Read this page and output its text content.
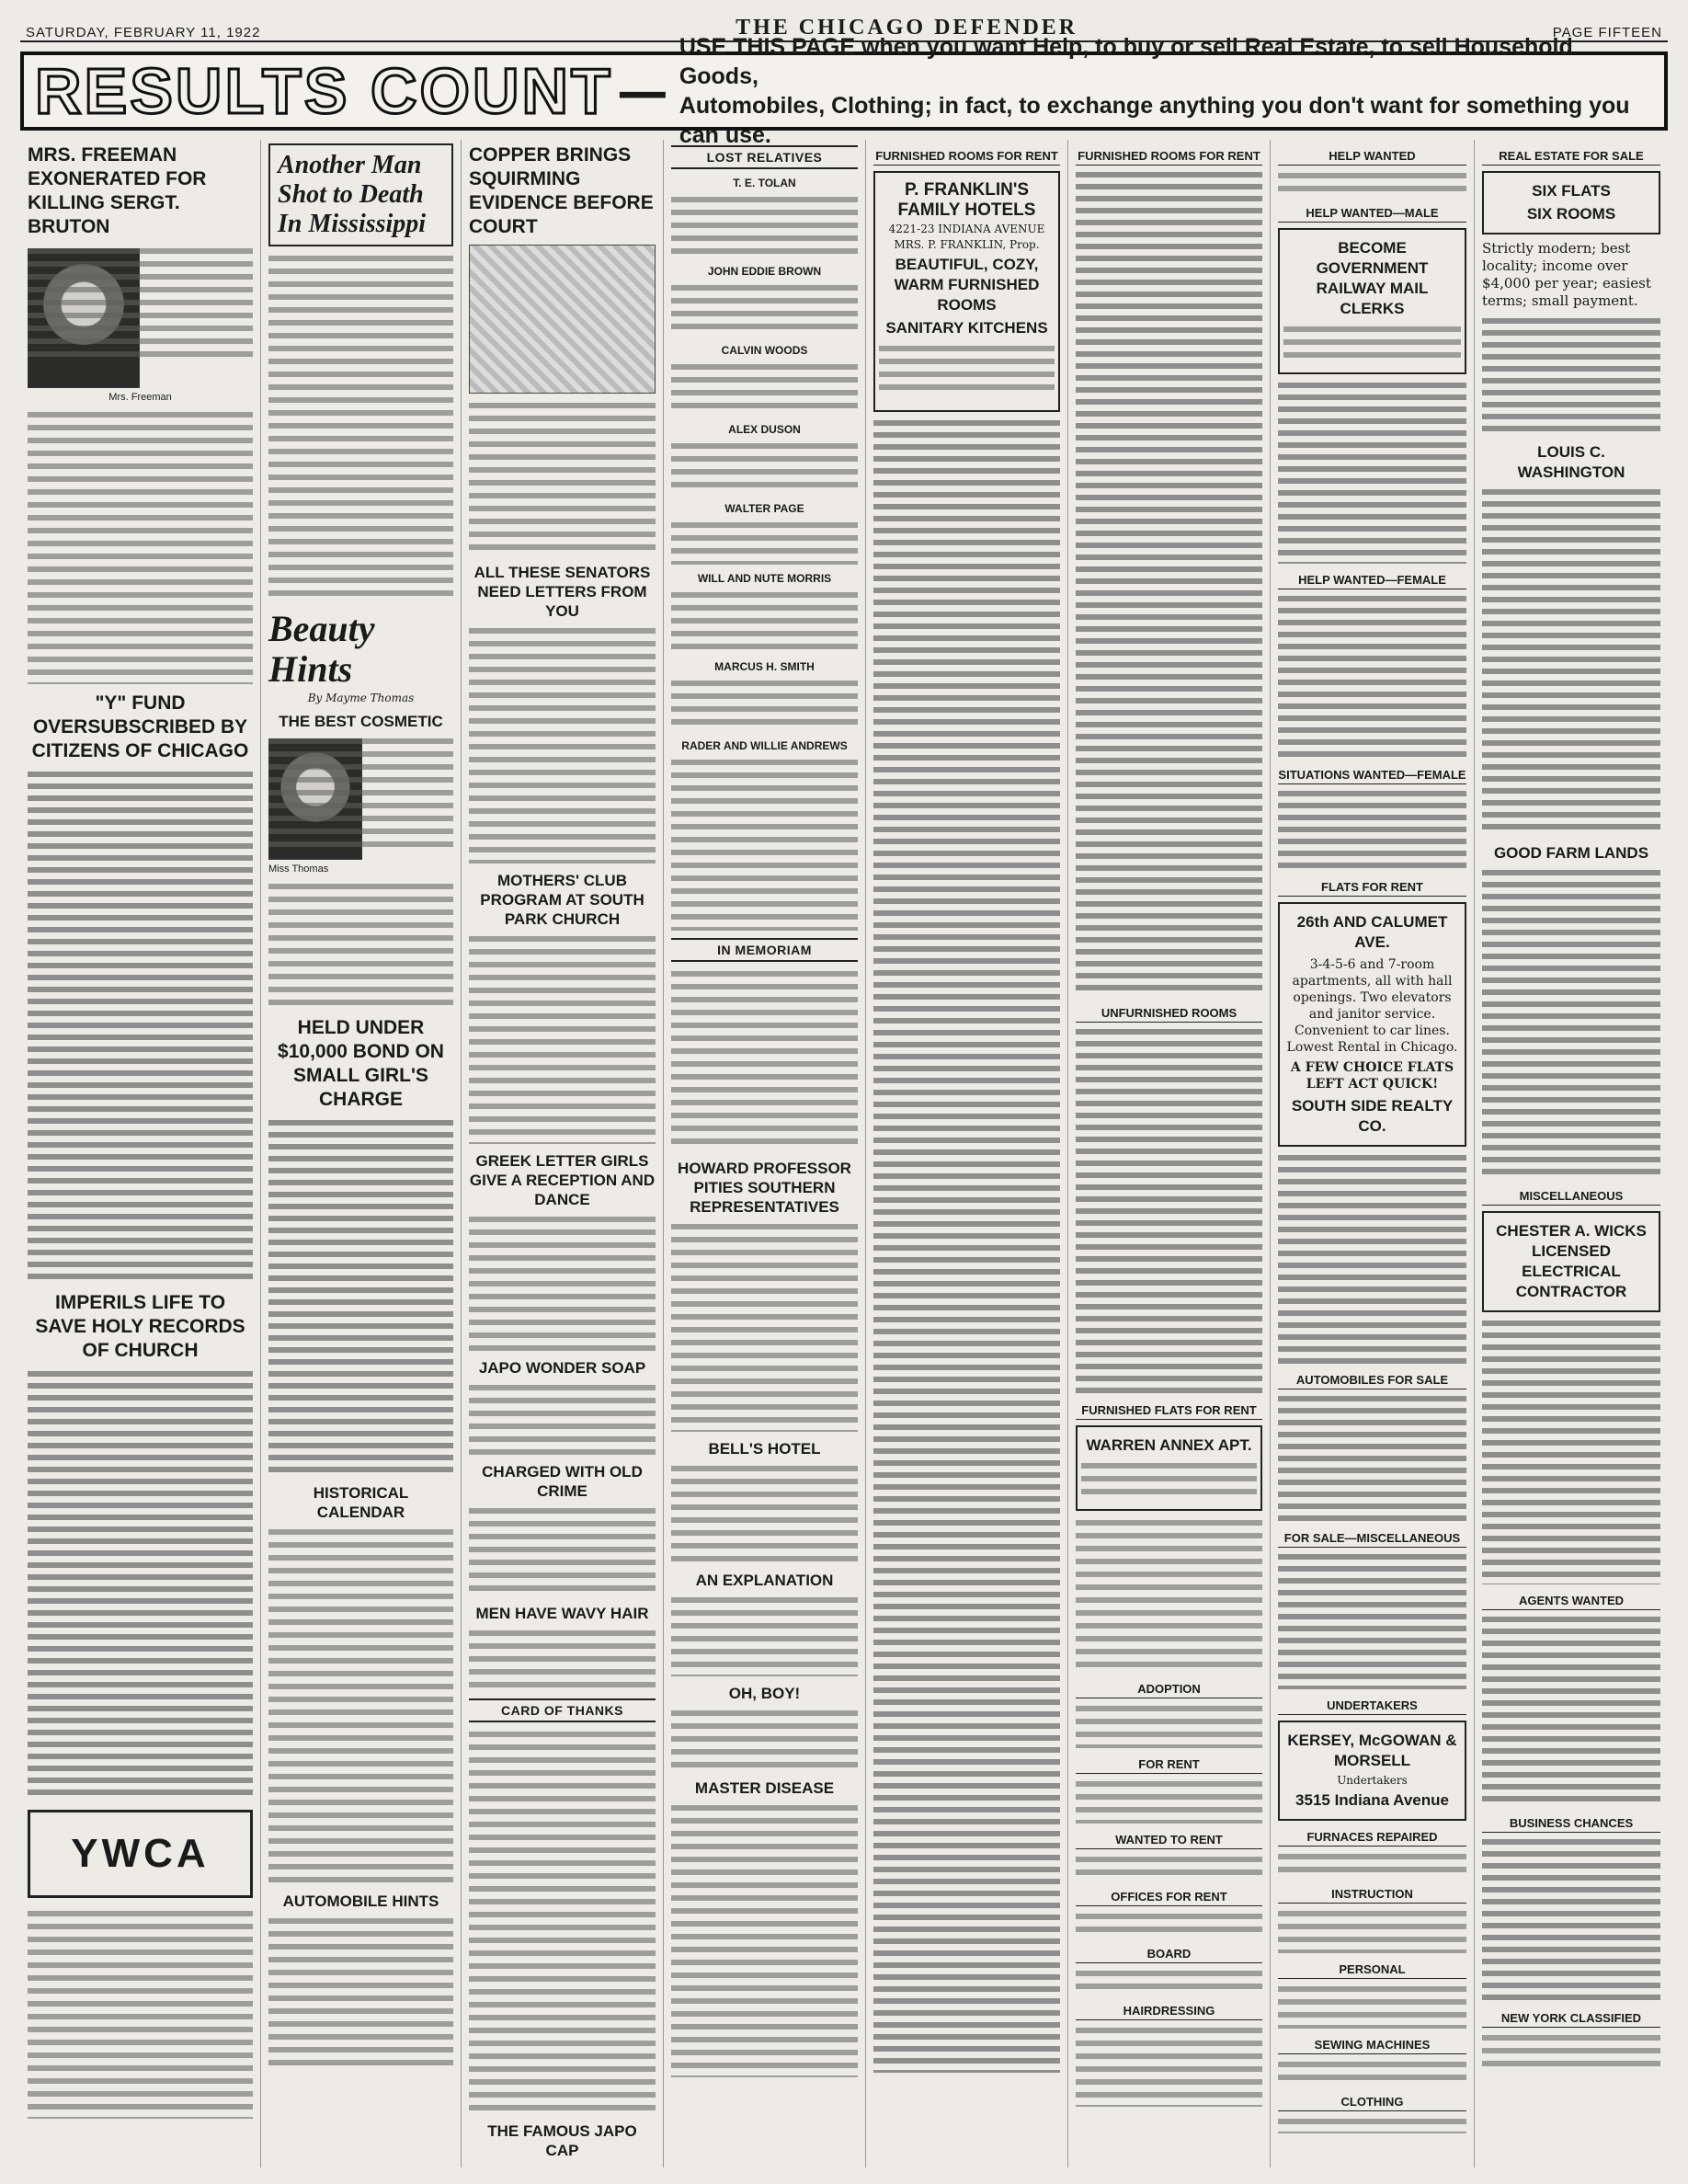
SATURDAY, FEBRUARY 11, 1922	THE CHICAGO DEFENDER	PAGE FIFTEEN
RESULTS COUNT —
USE THIS PAGE when you want Help, to buy or sell Real Estate, to sell Household Goods,
Automobiles, Clothing; in fact, to exchange anything you don't want for something you can use.
MRS. FREEMAN EXONERATED FOR KILLING SERGT. BRUTON
Mrs. Freeman
"Y" FUND OVERSUBSCRIBED BY CITIZENS OF CHICAGO
IMPERILS LIFE TO SAVE HOLY RECORDS OF CHURCH
YWCA
Another Man Shot to Death In Mississippi
Beauty Hints
By Mayme Thomas
THE BEST COSMETIC
Miss Thomas
HELD UNDER $10,000 BOND ON SMALL GIRL'S CHARGE
HISTORICAL CALENDAR
AUTOMOBILE HINTS
COPPER BRINGS SQUIRMING EVIDENCE BEFORE COURT
ALL THESE SENATORS NEED LETTERS FROM YOU
MOTHERS' CLUB PROGRAM AT SOUTH PARK CHURCH
GREEK LETTER GIRLS GIVE A RECEPTION AND DANCE
JAPO WONDER SOAP
CHARGED WITH OLD CRIME
MEN HAVE WAVY HAIR
CARD OF THANKS
THE FAMOUS JAPO CAP
LOST RELATIVES
T. E. TOLAN
JOHN EDDIE BROWN
CALVIN WOODS
ALEX DUSON
WALTER PAGE
WILL AND NUTE MORRIS
MARCUS H. SMITH
RADER AND WILLIE ANDREWS
IN MEMORIAM
HOWARD PROFESSOR PITIES SOUTHERN REPRESENTATIVES
BELL'S HOTEL
AN EXPLANATION
OH, BOY!
MASTER DISEASE
FURNISHED ROOMS FOR RENT
P. FRANKLIN'S FAMILY HOTELS
4221-23 INDIANA AVENUE
MRS. P. FRANKLIN, Prop.
BEAUTIFUL, COZY, WARM FURNISHED ROOMS
SANITARY KITCHENS
FURNISHED ROOMS FOR RENT
UNFURNISHED ROOMS
FURNISHED FLATS FOR RENT
WARREN ANNEX APT.
ADOPTION
FOR RENT
WANTED TO RENT
OFFICES FOR RENT
BOARD
HAIRDRESSING
HELP WANTED
HELP WANTED—MALE
BECOME GOVERNMENT RAILWAY MAIL CLERKS
HELP WANTED—FEMALE
SITUATIONS WANTED—FEMALE
FLATS FOR RENT
26th AND CALUMET AVE.
3-4-5-6 and 7-room apartments, all with hall openings. Two elevators and janitor service. Convenient to car lines. Lowest Rental in Chicago.
A FEW CHOICE FLATS LEFT ACT QUICK!
SOUTH SIDE REALTY CO.
AUTOMOBILES FOR SALE
FOR SALE—MISCELLANEOUS
UNDERTAKERS
KERSEY, McGOWAN & MORSELL
Undertakers
3515 Indiana Avenue
FURNACES REPAIRED
INSTRUCTION
PERSONAL
SEWING MACHINES
CLOTHING
REAL ESTATE FOR SALE
SIX FLATS
SIX ROOMS
Strictly modern; best locality; income over $4,000 per year; easiest terms; small payment.
LOUIS C. WASHINGTON
GOOD FARM LANDS
MISCELLANEOUS
CHESTER A. WICKS LICENSED ELECTRICAL CONTRACTOR
AGENTS WANTED
BUSINESS CHANCES
NEW YORK CLASSIFIED
